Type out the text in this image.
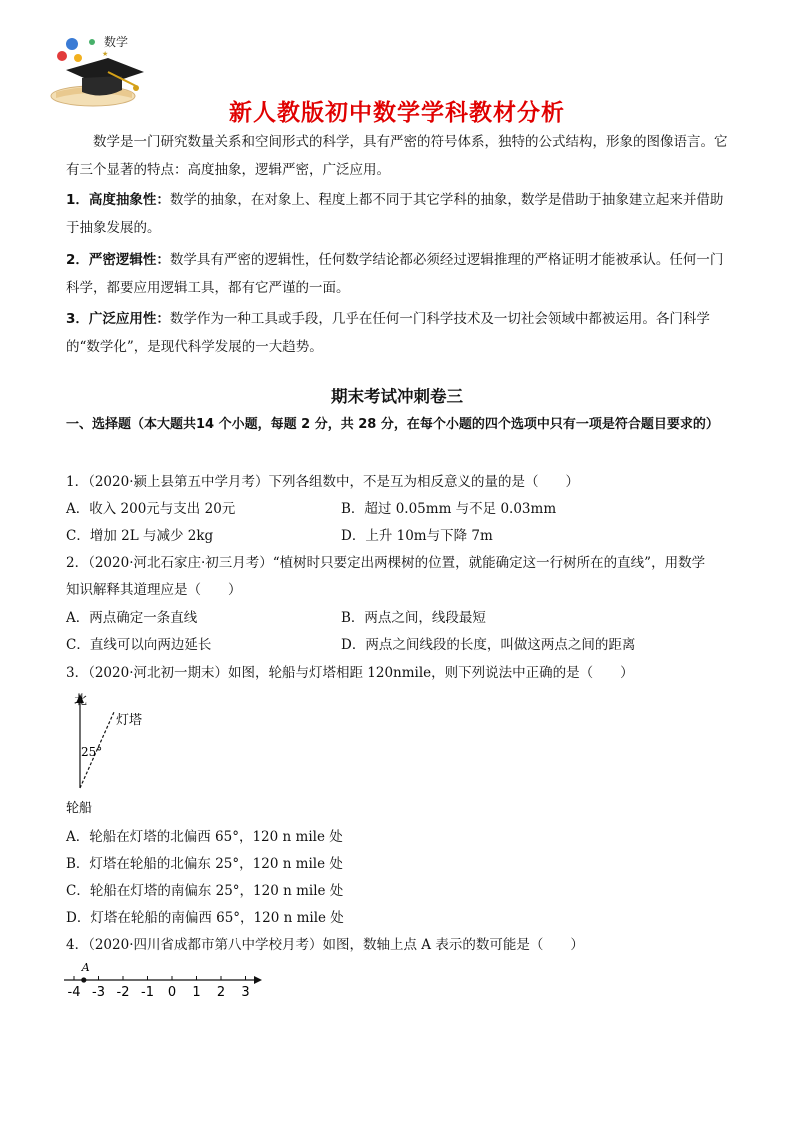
★
数学
新人教版初中数学学科教材分析
数学是一门研究数量关系和空间形式的科学，具有严密的符号体系，独特的公式结构，形象的图像语言。它有三个显著的特点：高度抽象，逻辑严密，广泛应用。
1．高度抽象性：数学的抽象，在对象上、程度上都不同于其它学科的抽象，数学是借助于抽象建立起来并借助于抽象发展的。
2．严密逻辑性：数学具有严密的逻辑性，任何数学结论都必须经过逻辑推理的严格证明才能被承认。任何一门科学，都要应用逻辑工具，都有它严谨的一面。
3．广泛应用性：数学作为一种工具或手段，几乎在任何一门科学技术及一切社会领域中都被运用。各门科学的“数学化”，是现代科学发展的一大趋势。
期末考试冲刺卷三
一、选择题（本大题共14 个小题，每题 2 分，共 28 分，在每个小题的四个选项中只有一项是符合题目要求的）
1．（2020·颍上县第五中学月考）下列各组数中，不是互为相反意义的量的是（　　）
A．收入 200元与支出 20元	B．超过 0.05mm 与不足 0.03mm
C．增加 2L 与减少 2kg	D．上升 10m与下降 7m
2．（2020·河北石家庄·初三月考）“植树时只要定出两棵树的位置，就能确定这一行树所在的直线”，用数学
知识解释其道理应是（　　）
A．两点确定一条直线	B．两点之间，线段最短
C．直线可以向两边延长	D．两点之间线段的长度，叫做这两点之间的距离
3．（2020·河北初一期末）如图，轮船与灯塔相距 120nmile，则下列说法中正确的是（　　）
北
灯塔
25°
轮船
A．轮船在灯塔的北偏西 65°，120 n mile 处
B．灯塔在轮船的北偏东 25°，120 n mile 处
C．轮船在灯塔的南偏东 25°，120 n mile 处
D．灯塔在轮船的南偏西 65°，120 n mile 处
4．（2020·四川省成都市第八中学校月考）如图，数轴上点 A 表示的数可能是（　　）
A
-4 -3 -2 -1 0 1 2 3
